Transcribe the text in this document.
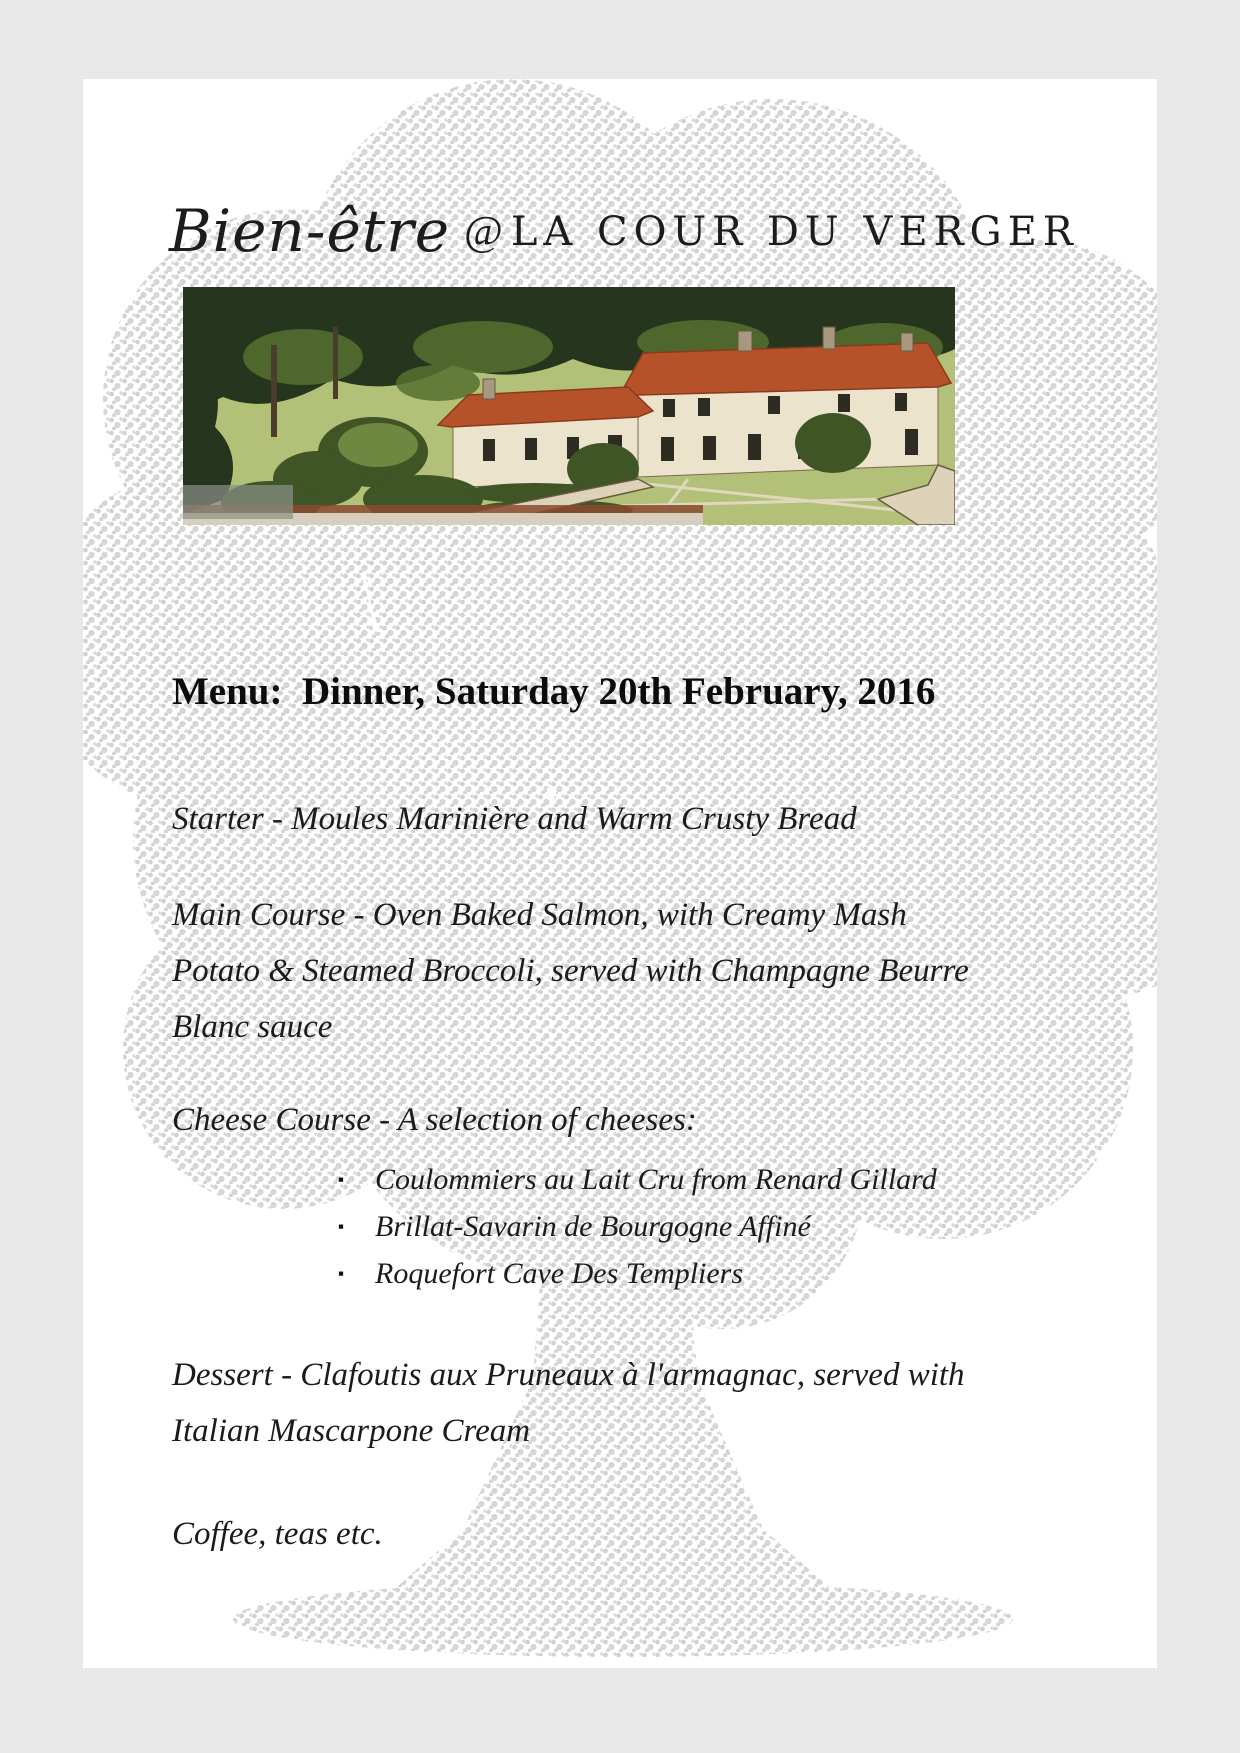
Bien-être @ LA COUR DU VERGER
Menu:  Dinner, Saturday 20th February, 2016
Starter - Moules Marinière and Warm Crusty Bread
Main Course - Oven Baked Salmon, with Creamy Mash
Potato & Steamed Broccoli, served with Champagne Beurre
Blanc sauce
Cheese Course - A selection of cheeses:
▪	Coulommiers au Lait Cru from Renard Gillard
▪	Brillat-Savarin de Bourgogne Affiné
▪	Roquefort Cave Des Templiers
Dessert - Clafoutis aux Pruneaux à l'armagnac, served with
Italian Mascarpone Cream
Coffee, teas etc.
